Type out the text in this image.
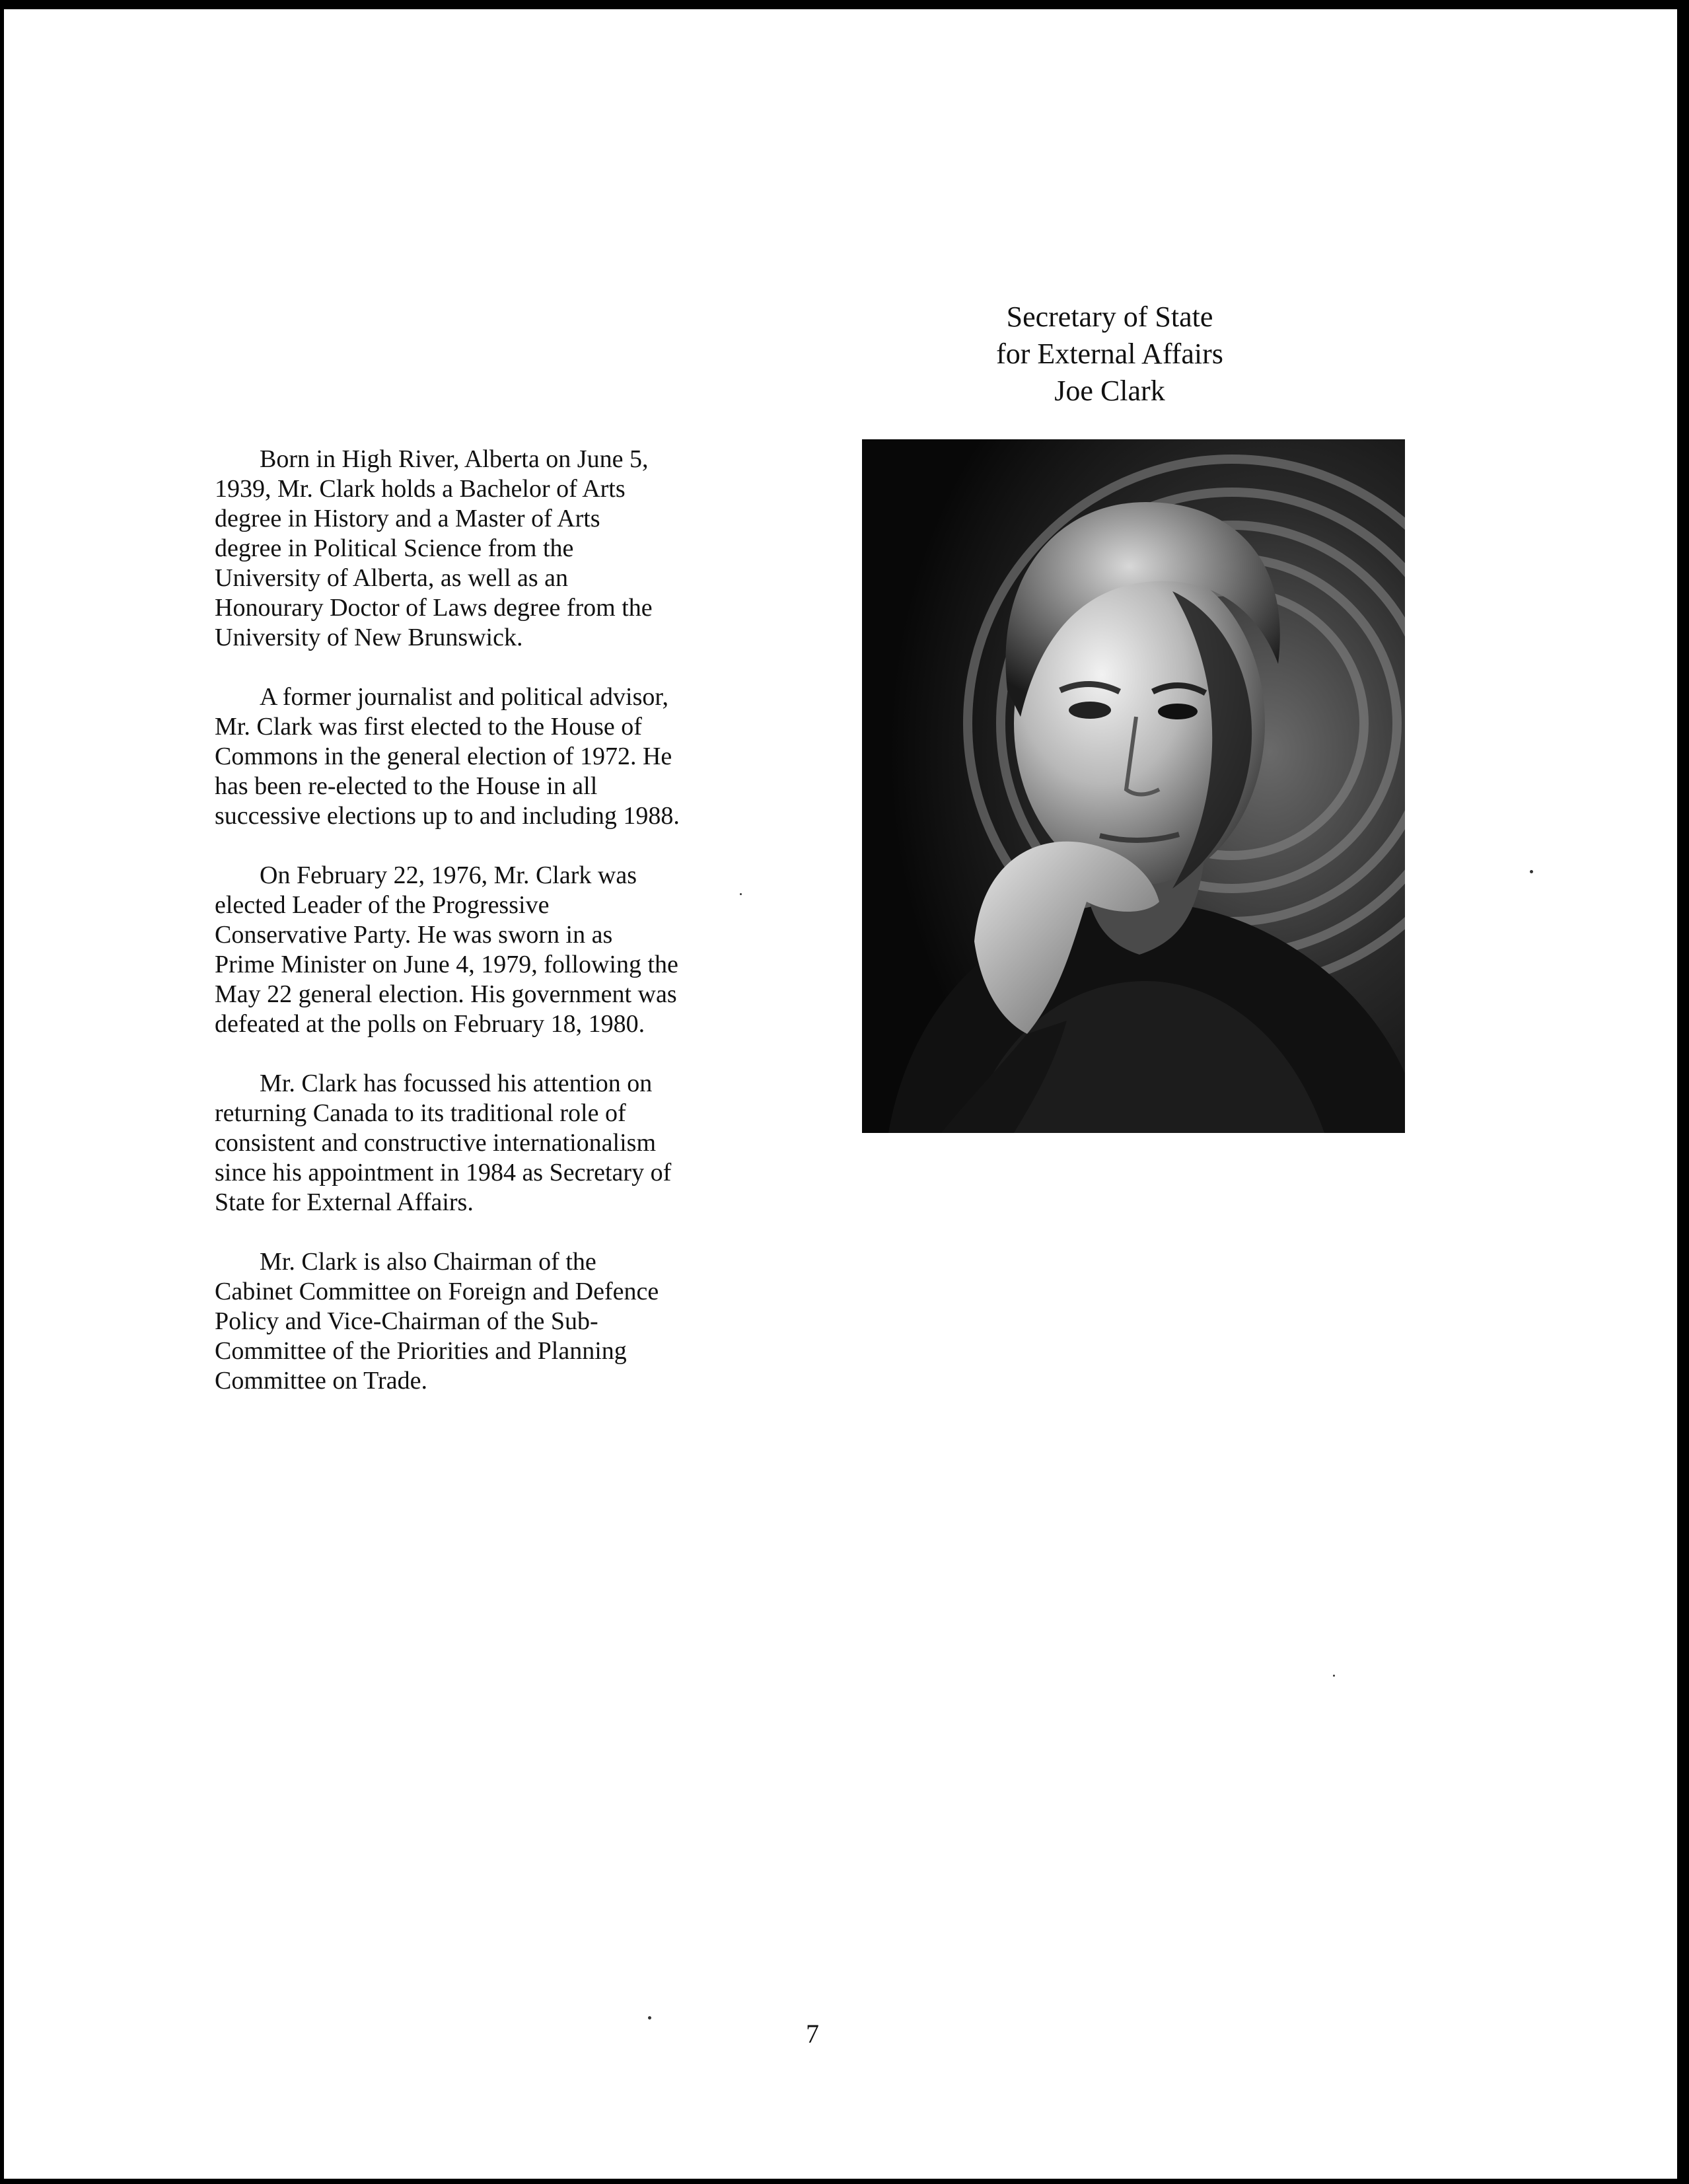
Secretary of State
for External Affairs
Joe Clark

Born in High River, Alberta on June 5,
1939, Mr. Clark holds a Bachelor of Arts
degree in History and a Master of Arts
degree in Political Science from the
University of Alberta, as well as an
Honourary Doctor of Laws degree from the
University of New Brunswick.

A former journalist and political advisor,
Mr. Clark was first elected to the House of
Commons in the general election of 1972. He
has been re-elected to the House in all
successive elections up to and including 1988.

On February 22, 1976, Mr. Clark was
elected Leader of the Progressive
Conservative Party. He was sworn in as
Prime Minister on June 4, 1979, following the
May 22 general election. His government was
defeated at the polls on February 18, 1980.

Mr. Clark has focussed his attention on
returning Canada to its traditional role of
consistent and constructive internationalism
since his appointment in 1984 as Secretary of
State for External Affairs.

Mr. Clark is also Chairman of the
Cabinet Committee on Foreign and Defence
Policy and Vice-Chairman of the Sub-
Committee of the Priorities and Planning
Committee on Trade.

7
